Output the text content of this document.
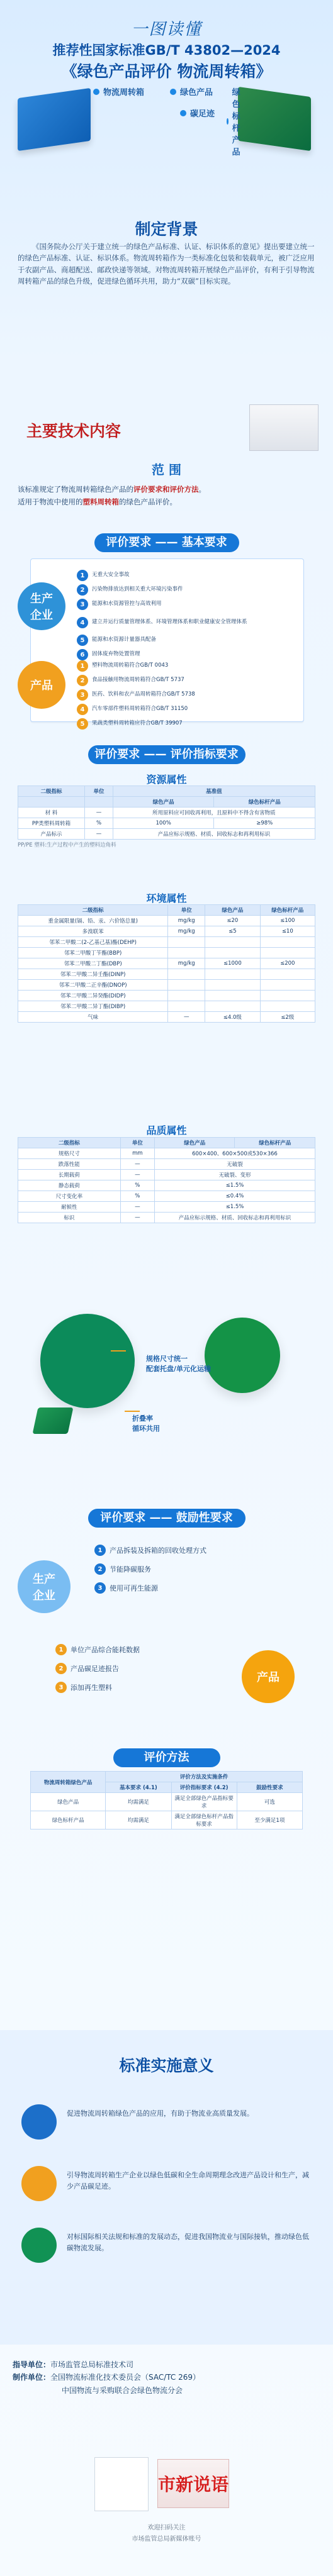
一图读懂
推荐性国家标准GB/T 43802—2024
《绿色产品评价 物流周转箱》
物流周转箱	绿色产品 绿色标杆产品
碳足迹
制定背景
《国务院办公厅关于建立统一的绿色产品标准、认证、标识体系的意见》提出要建立统一的绿色产品标准、认证、标识体系。物流周转箱作为一类标准化包装和装载单元，被广泛应用于农副产品、商超配送、邮政快递等领域。对物流周转箱开展绿色产品评价，有利于引导物流周转箱产品的绿色升级，促进绿色循环共用，助力“双碳”目标实现。
主要技术内容
范 围
该标准规定了物流周转箱绿色产品的评价要求和评价方法。
适用于物流中使用的塑料周转箱的绿色产品评价。
评价要求 —— 基本要求
生产
企业
1	无重大安全事故
2	污染物排放达到相关重大环境污染事件
3	能源和水资源管控与高效利用
4	建立并运行质量管理体系、环境管理体系和职业健康安全管理体系
5	能源和水资源计量器具配备
6	固体废弃物处置管理
产品
1	塑料物流周转箱符合GB/T 0043
2	食品接触用物流周转箱符合GB/T 5737
3	医药、饮料和农产品周转箱符合GB/T 5738
4	汽车零部件塑料周转箱符合GB/T 31150
5	果蔬类塑料周转箱应符合GB/T 39907
评价要求 —— 评价指标要求
资源属性
二级指标	单位	基准值	
		绿色产品	绿色标杆产品
材 料	—	所用原料应可回收再利用，且原料中不得含有害物质	
PP类塑料周转箱	%	100%	≥98%
产品标示	—	产品应标示规格、材质、回收标志和再利用标识	
PP/PE 塑料:生产过程中产生的塑料边角料
环境属性
二级指标	单位	绿色产品	绿色标杆产品
重金属限量(镉、铅、汞、六价铬总量)	mg/kg	≤20	≤100
多溴联苯	mg/kg	≤5	≤10
邻苯二甲酸二(2-乙基己基)酯(DEHP)			
邻苯二甲酸丁苄酯(BBP)			
邻苯二甲酸二丁酯(DBP)	mg/kg	≤1000	≤200
邻苯二甲酸二异壬酯(DINP)			
邻苯二甲酸二正辛酯(DNOP)			
邻苯二甲酸二异癸酯(DIDP)			
邻苯二甲酸二异丁酯(DIBP)			
气味	—	≤4.0级	≤2级
品质属性
二级指标	单位	绿色产品	绿色标杆产品
规格尺寸	mm	600×400、600×500或530×366	
跌落性能	—	无破裂	
长期载荷	—	无破裂、变形	
静态载荷	%	≤1.5%	
尺寸变化率	%	≤0.4%	
耐候性	—	≤1.5%	
标识	—	产品应标示规格、材质、回收标志和再利用标识	
规格尺寸统一
配套托盘/单元化运输
折叠率
循环共用
评价要求 —— 鼓励性要求
生产
企业
1	产品拆装及拆箱的回收处理方式
2	节能降碳服务
3	使用可再生能源
1	单位产品综合能耗数据
2	产品碳足迹报告
3	添加再生塑料
产品
评价方法
物流周转箱绿色产品	评价方法及实施条件		
	基本要求 (4.1)	评价指标要求 (4.2)	鼓励性要求
绿色产品	均需满足	满足全部绿色产品指标要求	可选
绿色标杆产品	均需满足	满足全部绿色标杆产品指标要求	至少满足1项
标准实施意义
促进物流周转箱绿色产品的应用，有助于物流业高质量发展。
引导物流周转箱生产企业以绿色低碳和全生命周期理念改进产品设计和生产，减少产品碳足迹。
对标国际相关法规和标准的发展动态，促进我国物流业与国际接轨，推动绿色低碳物流发展。
指导单位：市场监管总局标准技术司
制作单位：全国物流标准化技术委员会（SAC/TC 269）
中国物流与采购联合会绿色物流分会
市新说语
欢迎扫码关注
市场监管总局新媒体账号
